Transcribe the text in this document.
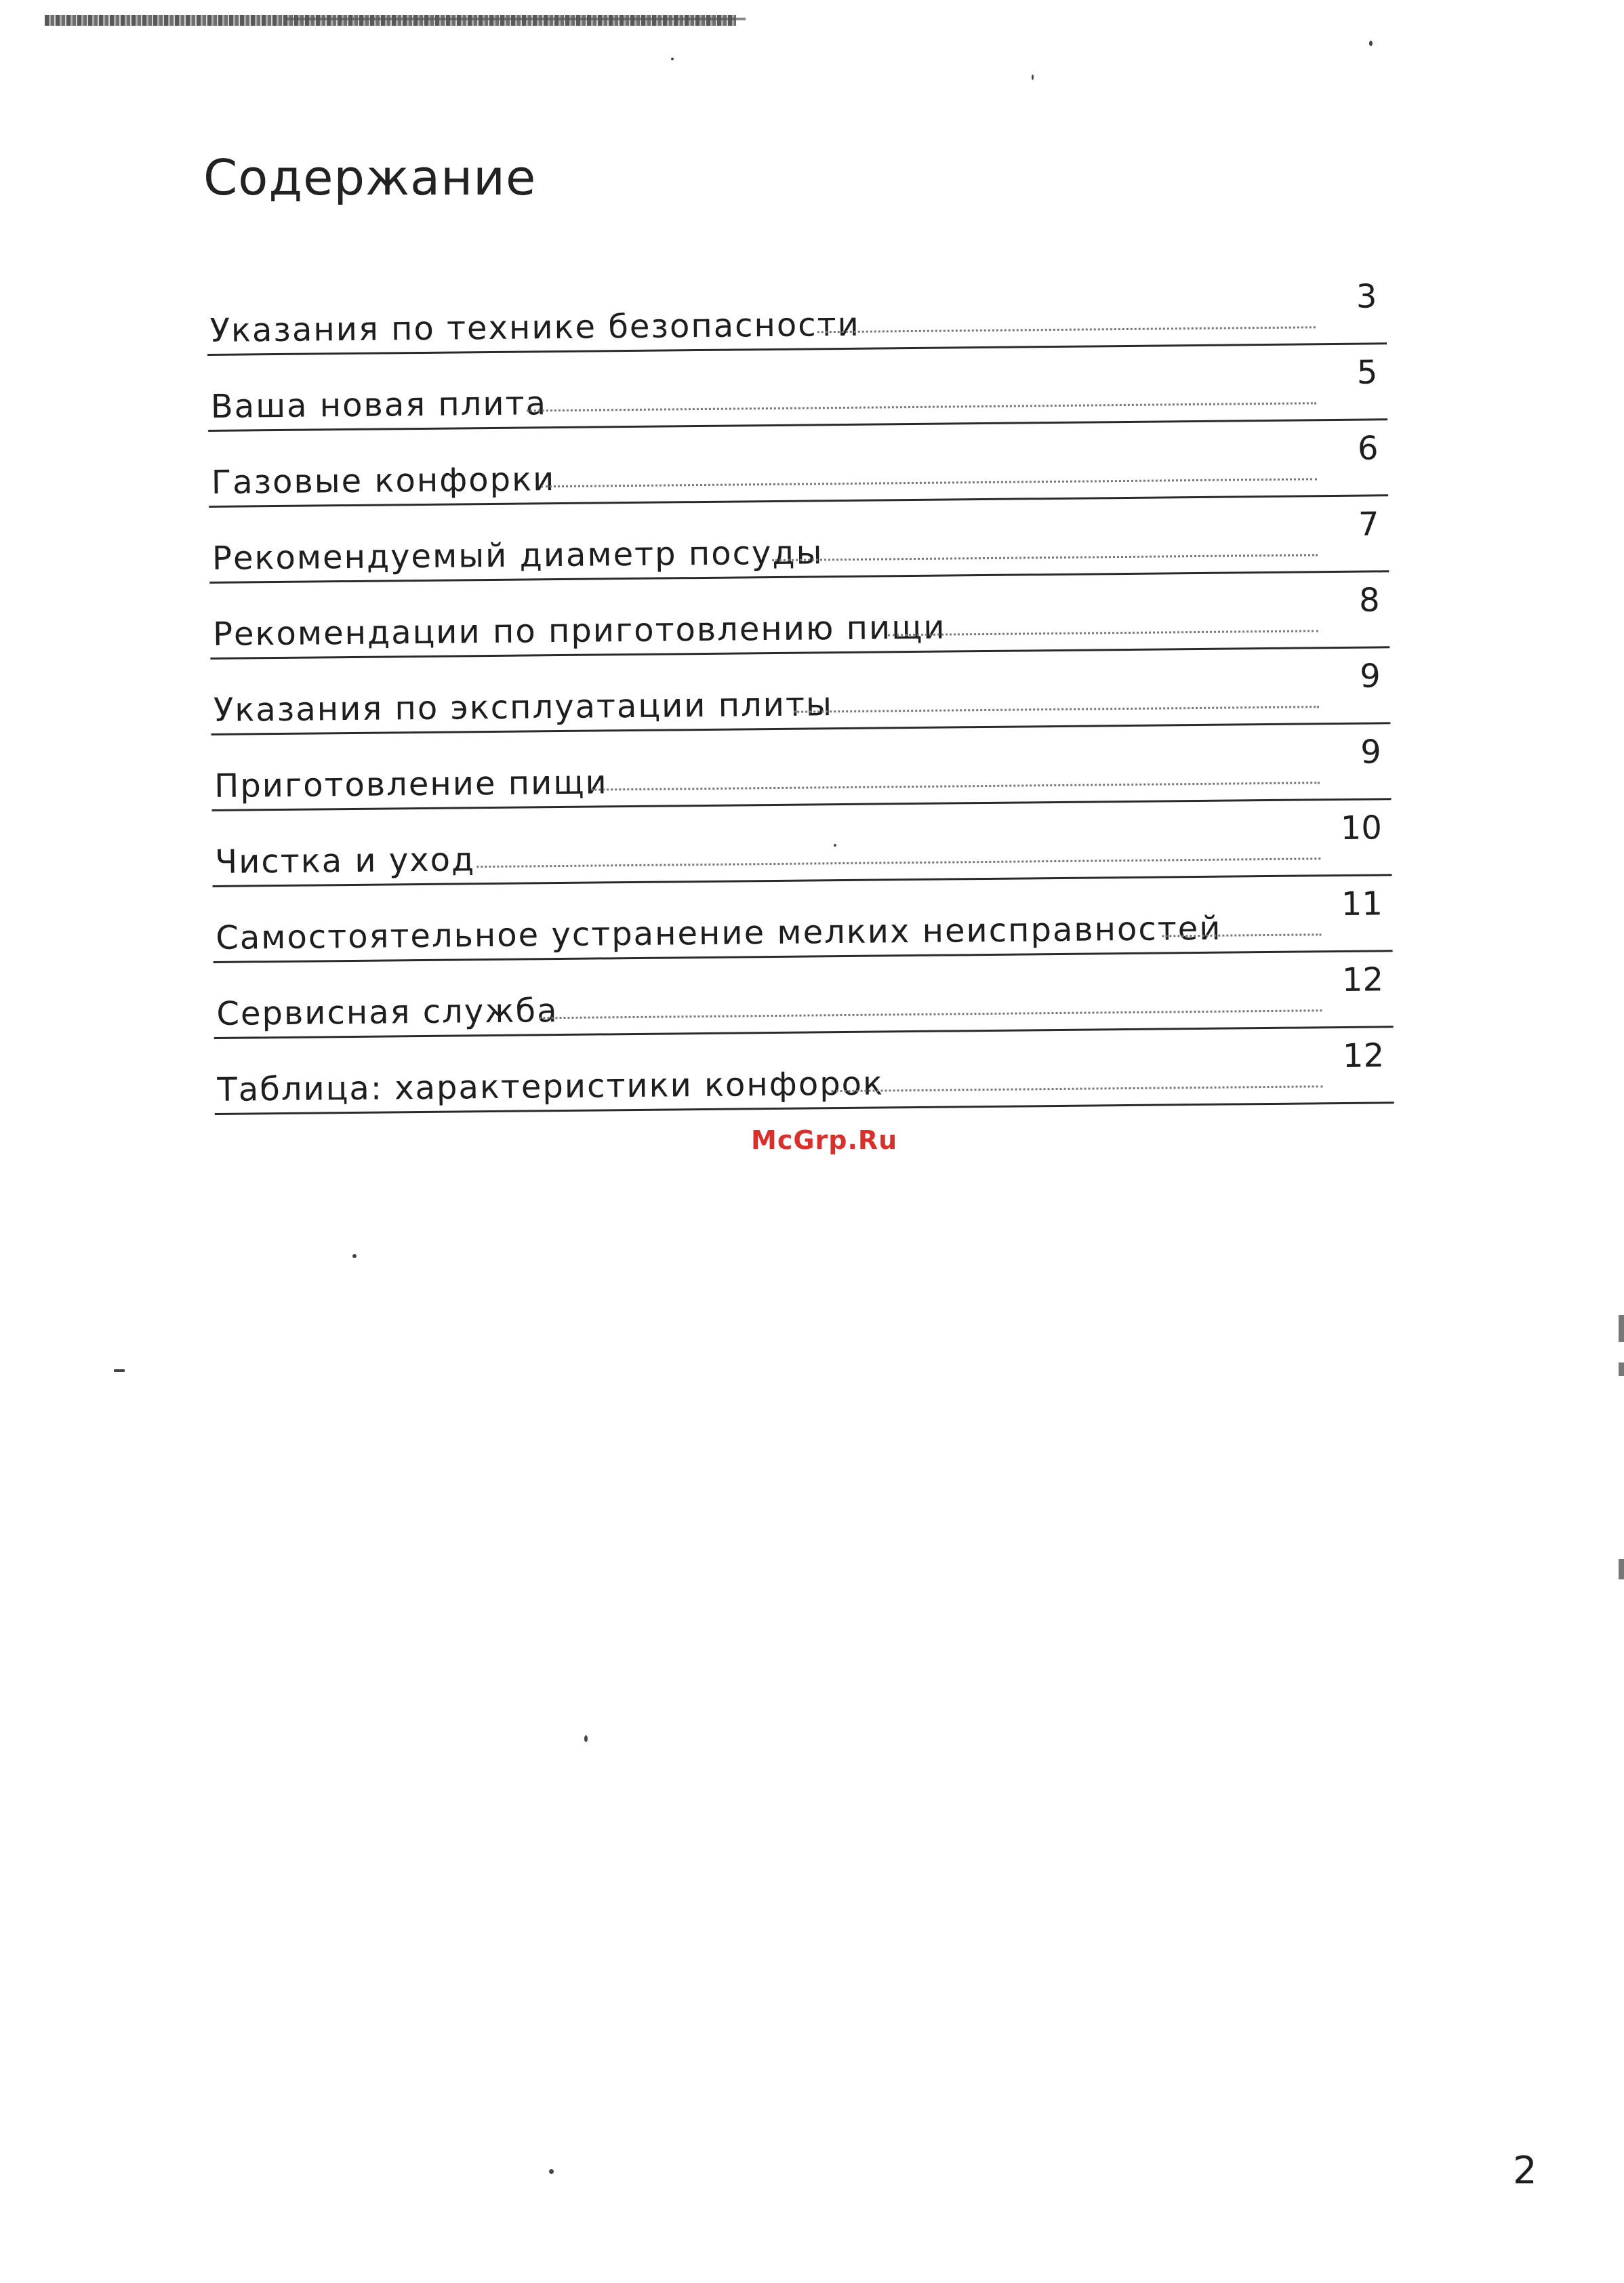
Содержание
Указания по технике безопасности
3
Ваша новая плита
5
Газовые конфорки
6
Рекомендуемый диаметр посуды
7
Рекомендации по приготовлению пищи
8
Указания по эксплуатации плиты
9
Приготовление пищи
9
Чистка и уход
10
Самостоятельное устранение мелких неисправностей
11
Сервисная служба
12
Таблица: характеристики конфорок
12
McGrp.Ru
2
